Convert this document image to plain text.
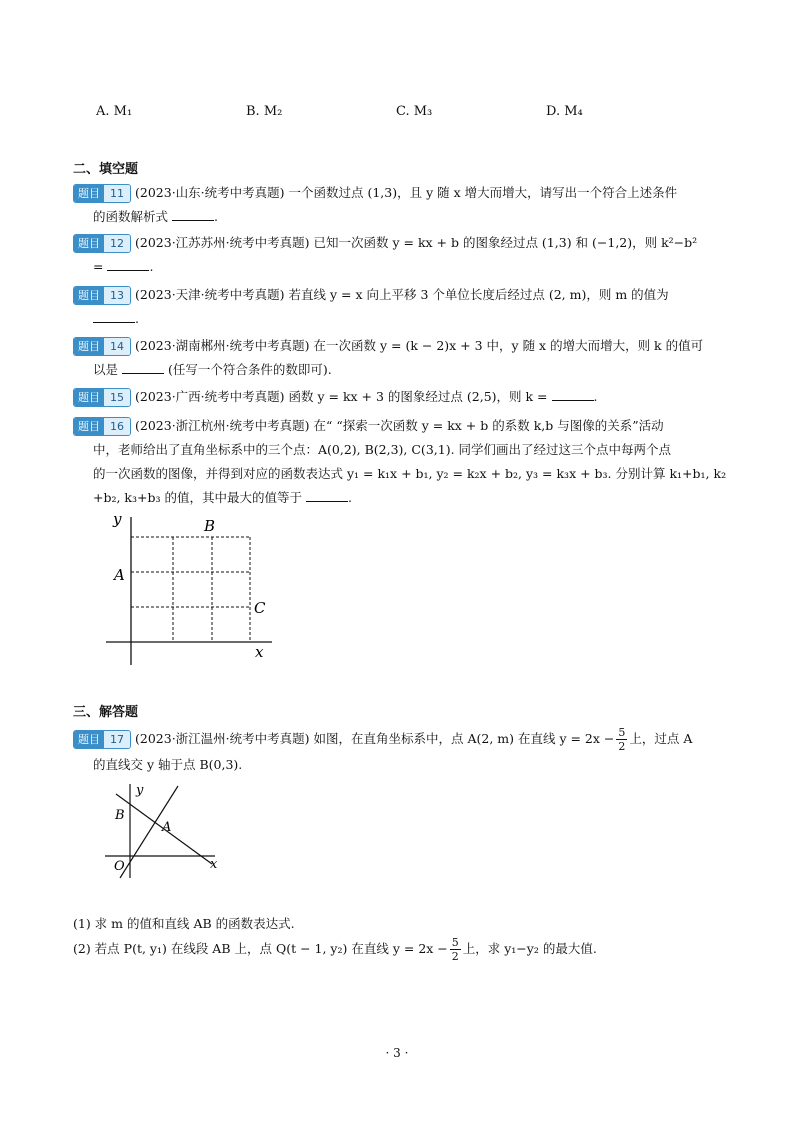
A. M₁	B. M₂	C. M₃	D. M₄
二、填空题
题目 11 (2023·山东·统考中考真题) 一个函数过点 (1,3)，且 y 随 x 增大而增大，请写出一个符合上述条件
的函数解析式	.
题目 12 (2023·江苏苏州·统考中考真题) 已知一次函数 y = kx + b 的图象经过点 (1,3) 和 (−1,2)，则 k²−b²
=	.
题目 13 (2023·天津·统考中考真题) 若直线 y = x 向上平移 3 个单位长度后经过点 (2, m)，则 m 的值为
.
题目 14 (2023·湖南郴州·统考中考真题) 在一次函数 y = (k − 2)x + 3 中，y 随 x 的增大而增大，则 k 的值可
以是	(任写一个符合条件的数即可).
题目 15 (2023·广西·统考中考真题) 函数 y = kx + 3 的图象经过点 (2,5)，则 k =	.
题目 16 (2023·浙江杭州·统考中考真题) 在“ “探索一次函数 y = kx + b 的系数 k,b 与图像的关系”活动
中，老师给出了直角坐标系中的三个点：A(0,2), B(2,3), C(3,1). 同学们画出了经过这三个点中每两个点
的一次函数的图像，并得到对应的函数表达式 y₁ = k₁x + b₁, y₂ = k₂x + b₂, y₃ = k₃x + b₃. 分别计算 k₁+b₁, k₂
+b₂, k₃+b₃ 的值，其中最大的值等于	.
y
x
A
B
C
三、解答题
题目 17 (2023·浙江温州·统考中考真题) 如图，在直角坐标系中，点 A(2, m) 在直线 $y = 2x - \frac{5}{2}$ 上，过点 A
的直线交 y 轴于点 B(0,3).
y
x
B
A
O
(1) 求 m 的值和直线 AB 的函数表达式.
(2) 若点 P(t, y₁) 在线段 AB 上，点 Q(t − 1, y₂) 在直线 $y = 2x - \frac{5}{2}$ 上，求 y₁−y₂ 的最大值.
· 3 ·
